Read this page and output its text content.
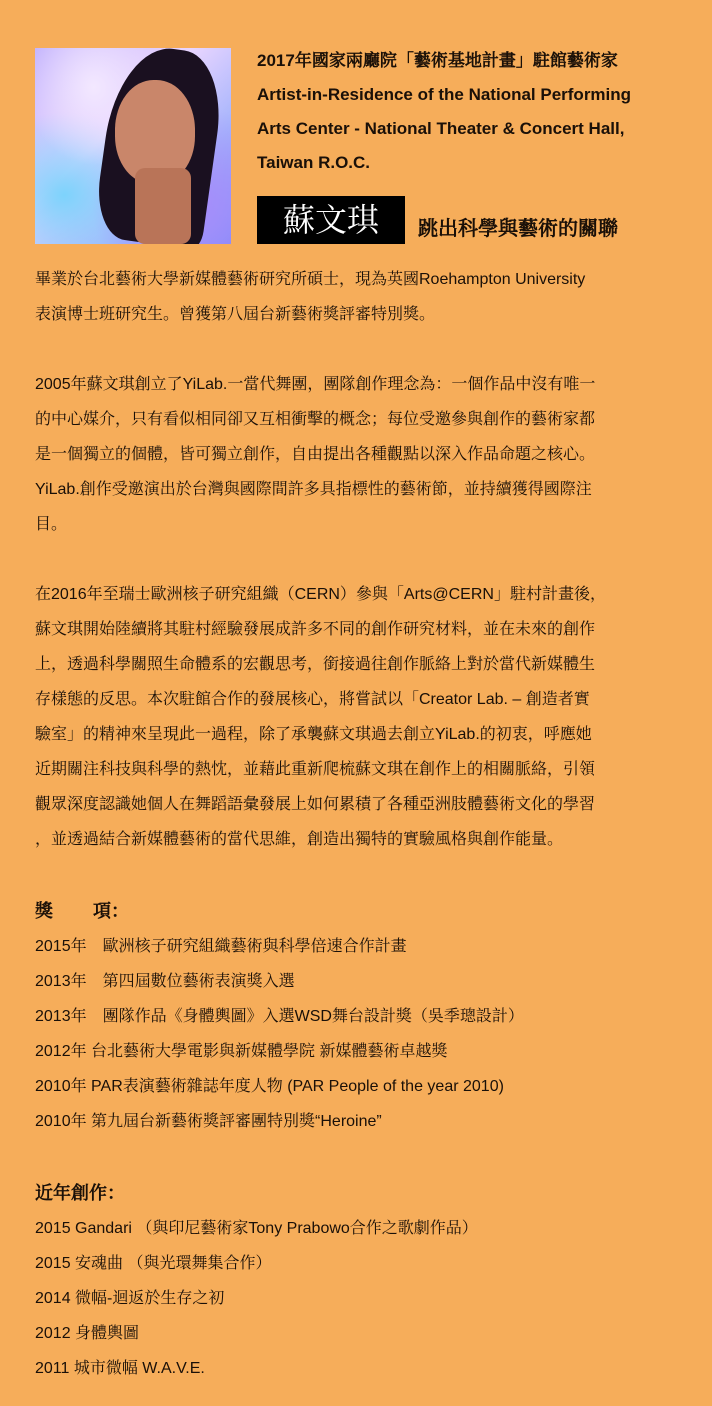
2017年國家兩廳院「藝術基地計畫」駐館藝術家
Artist-in-Residence of the National Performing
Arts Center - National Theater & Concert Hall,
Taiwan R.O.C.
蘇文琪	跳出科學與藝術的關聯

畢業於台北藝術大學新媒體藝術研究所碩士，現為英國Roehampton University

表演博士班研究生。曾獲第八屆台新藝術獎評審特別獎。

2005年蘇文琪創立了YiLab.一當代舞團，團隊創作理念為：一個作品中沒有唯一

的中心媒介，只有看似相同卻又互相衝擊的概念；每位受邀參與創作的藝術家都

是一個獨立的個體，皆可獨立創作，自由提出各種觀點以深入作品命題之核心。

YiLab.創作受邀演出於台灣與國際間許多具指標性的藝術節，並持續獲得國際注

目。

在2016年至瑞士歐洲核子研究組織（CERN）參與「Arts@CERN」駐村計畫後，

蘇文琪開始陸續將其駐村經驗發展成許多不同的創作研究材料，並在未來的創作

上，透過科學關照生命體系的宏觀思考，銜接過往創作脈絡上對於當代新媒體生

存樣態的反思。本次駐館合作的發展核心，將嘗試以「Creator Lab. – 創造者實

驗室」的精神來呈現此一過程，除了承襲蘇文琪過去創立YiLab.的初衷，呼應她

近期關注科技與科學的熱忱，並藉此重新爬梳蘇文琪在創作上的相關脈絡，引領

觀眾深度認識她個人在舞蹈語彙發展上如何累積了各種亞洲肢體藝術文化的學習

，並透過結合新媒體藝術的當代思維，創造出獨特的實驗風格與創作能量。

獎 項：
2015年　歐洲核子研究組織藝術與科學倍速合作計畫
2013年　第四屆數位藝術表演獎入選
2013年　團隊作品《身體輿圖》入選WSD舞台設計獎（吳季璁設計）
2012年 台北藝術大學電影與新媒體學院 新媒體藝術卓越獎
2010年 PAR表演藝術雜誌年度人物 (PAR People of the year 2010)
2010年 第九屆台新藝術獎評審團特別獎“Heroine”
近年創作：
2015 Gandari （與印尼藝術家Tony Prabowo合作之歌劇作品）
2015 安魂曲 （與光環舞集合作）
2014 微幅-迴返於生存之初
2012 身體輿圖
2011 城市微幅 W.A.V.E.
